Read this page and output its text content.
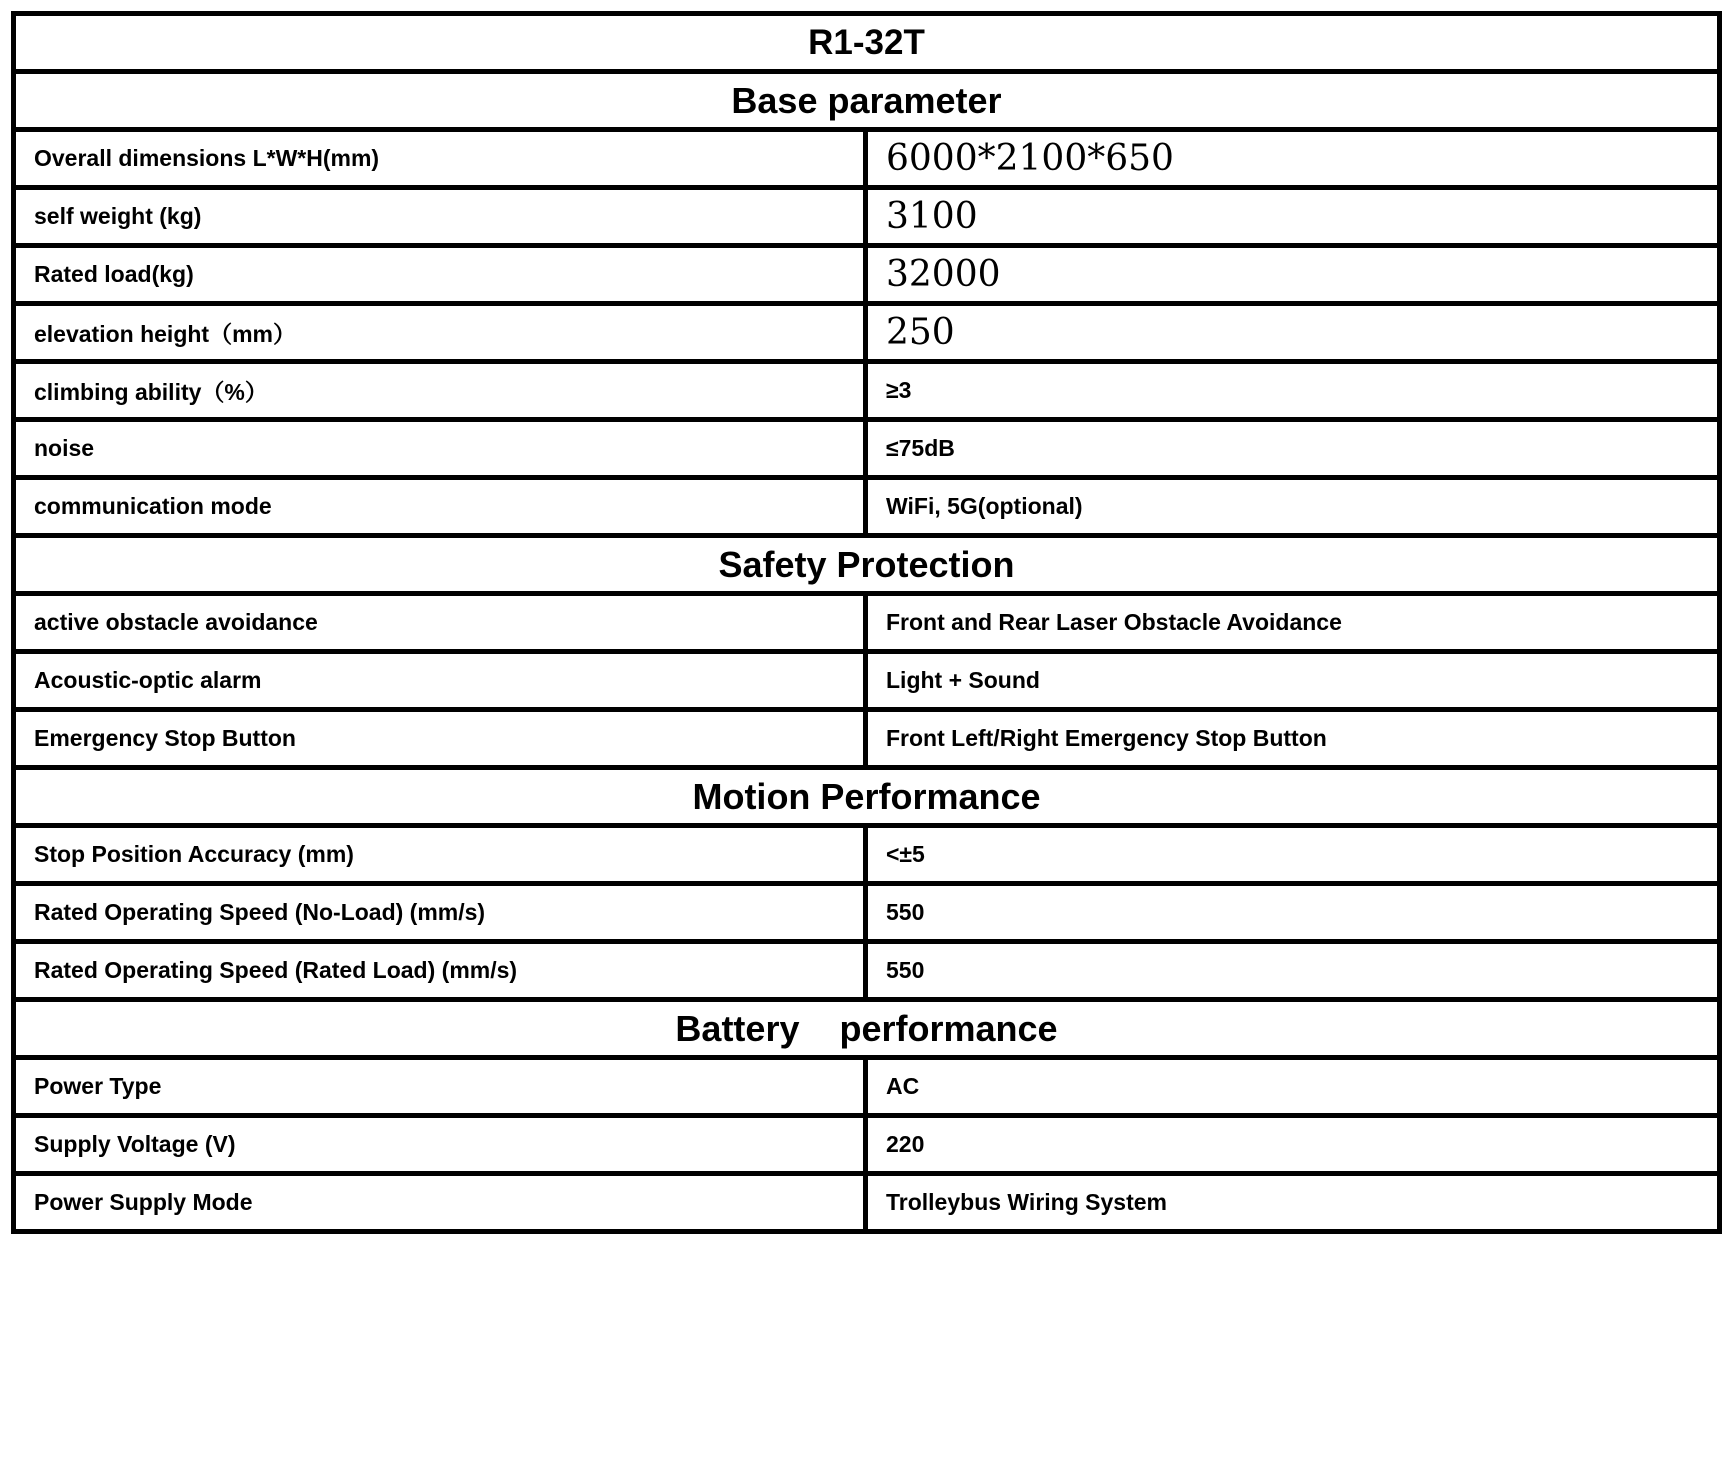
R1-32T	
Base parameter	
Overall dimensions L*W*H(mm)	6000*2100*650
self weight (kg)	3100
Rated load(kg)	32000
elevation height（mm）	250
climbing ability（%）	≥3
noise	≤75dB
communication mode	WiFi, 5G(optional)
Safety Protection	
active obstacle avoidance	Front and Rear Laser Obstacle Avoidance
Acoustic-optic alarm	Light + Sound
Emergency Stop Button	Front Left/Right Emergency Stop Button
Motion Performance	
Stop Position Accuracy (mm)	<±5
Rated Operating Speed (No-Load) (mm/s)	550
Rated Operating Speed (Rated Load) (mm/s)	550
Battery    performance	
Power Type	AC
Supply Voltage (V)	220
Power Supply Mode	Trolleybus Wiring System
